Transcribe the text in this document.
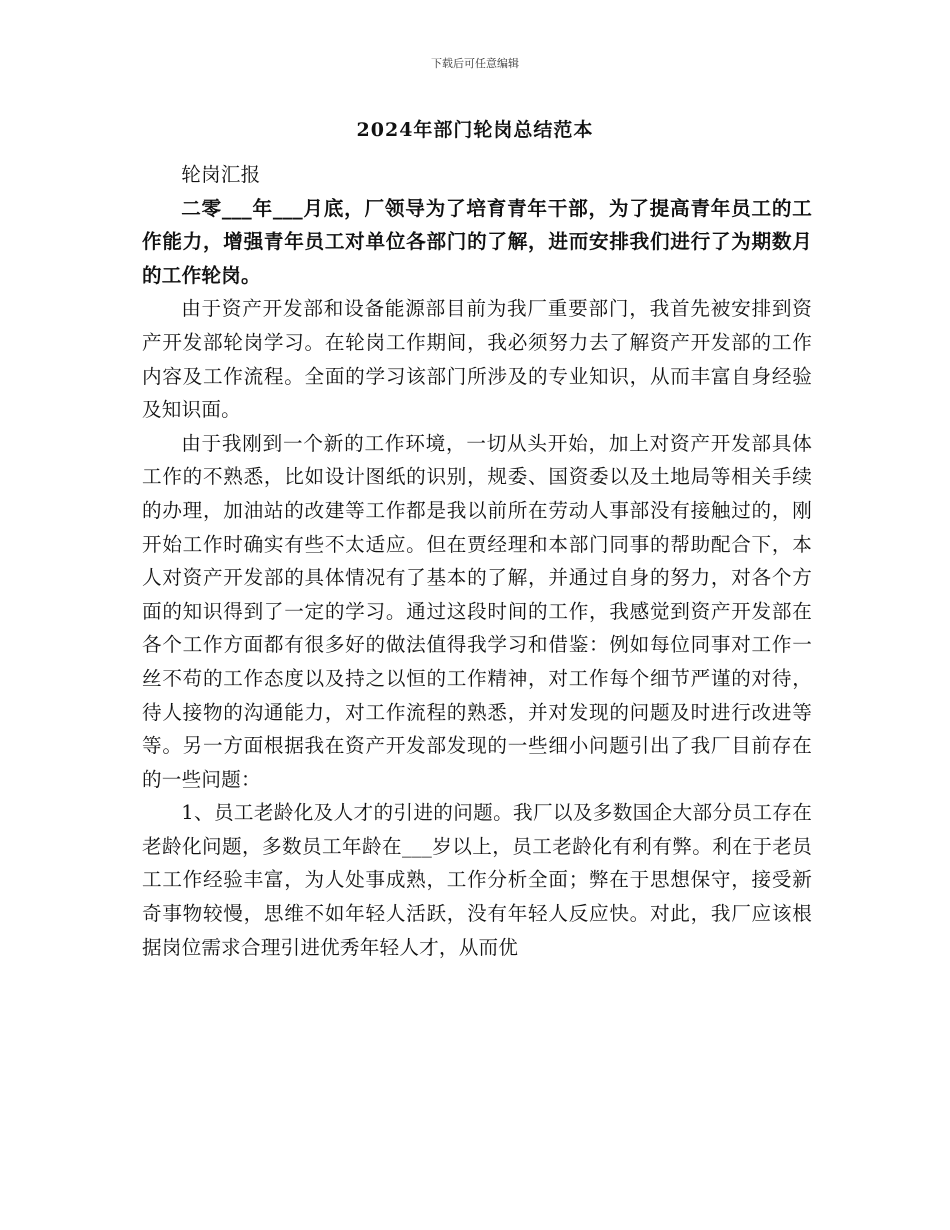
下载后可任意编辑
2024年部门轮岗总结范本

轮岗汇报

二零___年___月底，厂领导为了培育青年干部，为了提高青年员工的工作能力，增强青年员工对单位各部门的了解，进而安排我们进行了为期数月的工作轮岗。

由于资产开发部和设备能源部目前为我厂重要部门，我首先被安排到资产开发部轮岗学习。在轮岗工作期间，我必须努力去了解资产开发部的工作内容及工作流程。全面的学习该部门所涉及的专业知识，从而丰富自身经验及知识面。

由于我刚到一个新的工作环境，一切从头开始，加上对资产开发部具体工作的不熟悉，比如设计图纸的识别，规委、国资委以及土地局等相关手续的办理，加油站的改建等工作都是我以前所在劳动人事部没有接触过的，刚开始工作时确实有些不太适应。但在贾经理和本部门同事的帮助配合下，本人对资产开发部的具体情况有了基本的了解，并通过自身的努力，对各个方面的知识得到了一定的学习。通过这段时间的工作，我感觉到资产开发部在各个工作方面都有很多好的做法值得我学习和借鉴：例如每位同事对工作一丝不苟的工作态度以及持之以恒的工作精神，对工作每个细节严谨的对待，待人接物的沟通能力，对工作流程的熟悉，并对发现的问题及时进行改进等等。另一方面根据我在资产开发部发现的一些细小问题引出了我厂目前存在的一些问题：

1、员工老龄化及人才的引进的问题。我厂以及多数国企大部分员工存在老龄化问题，多数员工年龄在___岁以上，员工老龄化有利有弊。利在于老员工工作经验丰富，为人处事成熟，工作分析全面；弊在于思想保守，接受新奇事物较慢，思维不如年轻人活跃，没有年轻人反应快。对此，我厂应该根据岗位需求合理引进优秀年轻人才，从而优
